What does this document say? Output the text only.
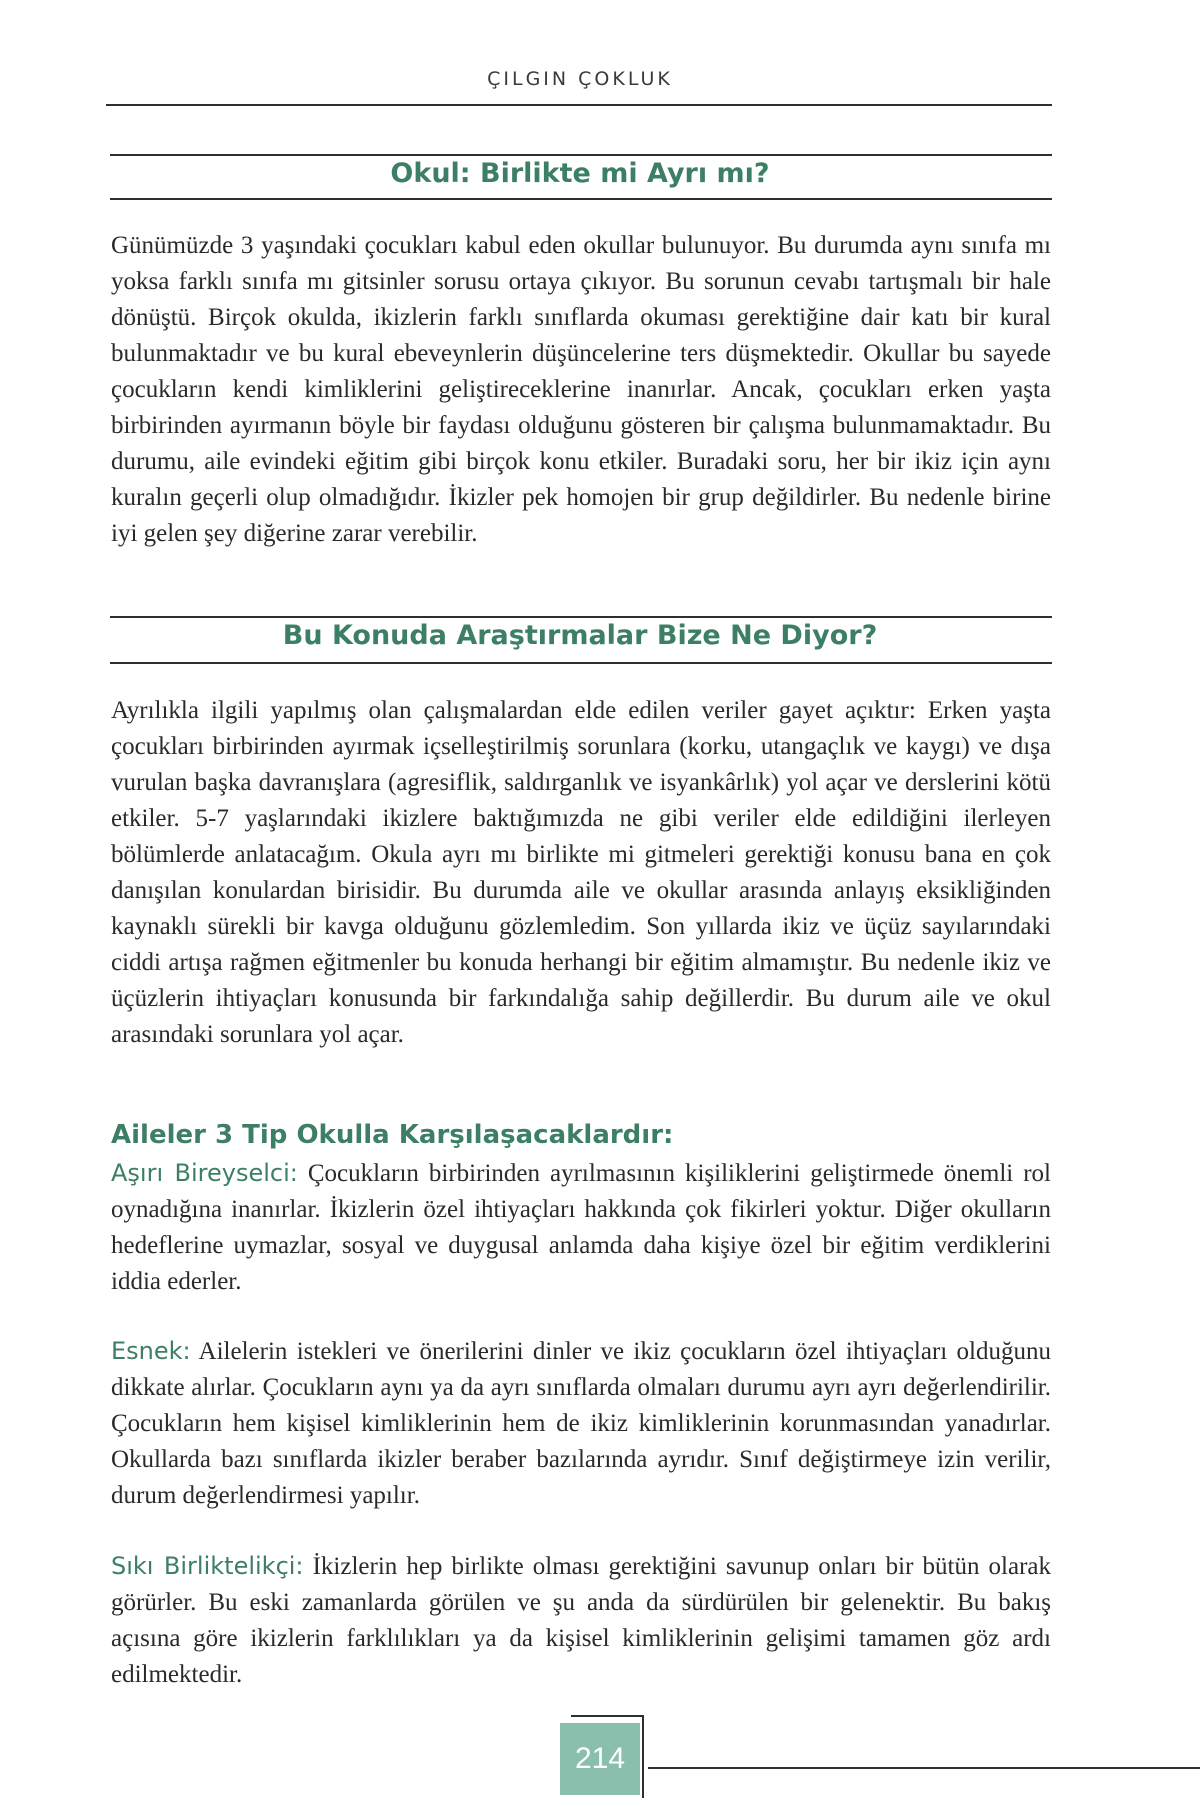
ÇILGIN ÇOKLUK
Okul: Birlikte mi Ayrı mı?

Günümüzde 3 yaşındaki çocukları kabul eden okullar bulunuyor. Bu durumda aynı sınıfa mı yoksa farklı sınıfa mı gitsinler sorusu ortaya çıkıyor. Bu sorunun cevabı tartışmalı bir hale dönüştü. Birçok okulda, ikizlerin farklı sınıflarda okuması gerektiğine dair katı bir kural bulunmaktadır ve bu kural ebeveynlerin düşüncelerine ters düşmektedir. Okullar bu sayede çocukların kendi kimliklerini geliştireceklerine inanırlar. Ancak, çocukları erken yaşta birbirinden ayırmanın böyle bir faydası olduğunu gösteren bir çalışma bulunmamaktadır. Bu durumu, aile evindeki eğitim gibi birçok konu etkiler. Buradaki soru, her bir ikiz için aynı kuralın geçerli olup olmadığıdır. İkizler pek homojen bir grup değildirler. Bu nedenle birine iyi gelen şey diğerine zarar verebilir.

Bu Konuda Araştırmalar Bize Ne Diyor?

Ayrılıkla ilgili yapılmış olan çalışmalardan elde edilen veriler gayet açıktır: Erken yaşta çocukları birbirinden ayırmak içselleştirilmiş sorunlara (korku, utangaçlık ve kaygı) ve dışa vurulan başka davranışlara (agresiflik, saldırganlık ve isyankârlık) yol açar ve derslerini kötü etkiler. 5-7 yaşlarındaki ikizlere baktığımızda ne gibi veriler elde edildiğini ilerleyen bölümlerde anlatacağım. Okula ayrı mı birlikte mi gitmeleri gerektiği konusu bana en çok danışılan konulardan birisidir. Bu durumda aile ve okullar arasında anlayış eksikliğinden kaynaklı sürekli bir kavga olduğunu gözlemledim. Son yıllarda ikiz ve üçüz sayılarındaki ciddi artışa rağmen eğitmenler bu konuda herhangi bir eğitim almamıştır. Bu nedenle ikiz ve üçüzlerin ihtiyaçları konusunda bir farkındalığa sahip değillerdir. Bu durum aile ve okul arasındaki sorunlara yol açar.

Aileler 3 Tip Okulla Karşılaşacaklardır:

Aşırı Bireyselci: Çocukların birbirinden ayrılmasının kişiliklerini geliştirmede önemli rol oynadığına inanırlar. İkizlerin özel ihtiyaçları hakkında çok fikirleri yoktur. Diğer okulların hedeflerine uymazlar, sosyal ve duygusal anlamda daha kişiye özel bir eğitim verdiklerini iddia ederler.

Esnek: Ailelerin istekleri ve önerilerini dinler ve ikiz çocukların özel ihtiyaçları olduğunu dikkate alırlar. Çocukların aynı ya da ayrı sınıflarda olmaları durumu ayrı ayrı değerlendirilir. Çocukların hem kişisel kimliklerinin hem de ikiz kimliklerinin korunmasından yanadırlar. Okullarda bazı sınıflarda ikizler beraber bazılarında ayrıdır. Sınıf değiştirmeye izin verilir, durum değerlendirmesi yapılır.

Sıkı Birliktelikçi: İkizlerin hep birlikte olması gerektiğini savunup onları bir bütün olarak görürler. Bu eski zamanlarda görülen ve şu anda da sürdürülen bir gelenektir. Bu bakış açısına göre ikizlerin farklılıkları ya da kişisel kimliklerinin gelişimi tamamen göz ardı edilmektedir.

214
